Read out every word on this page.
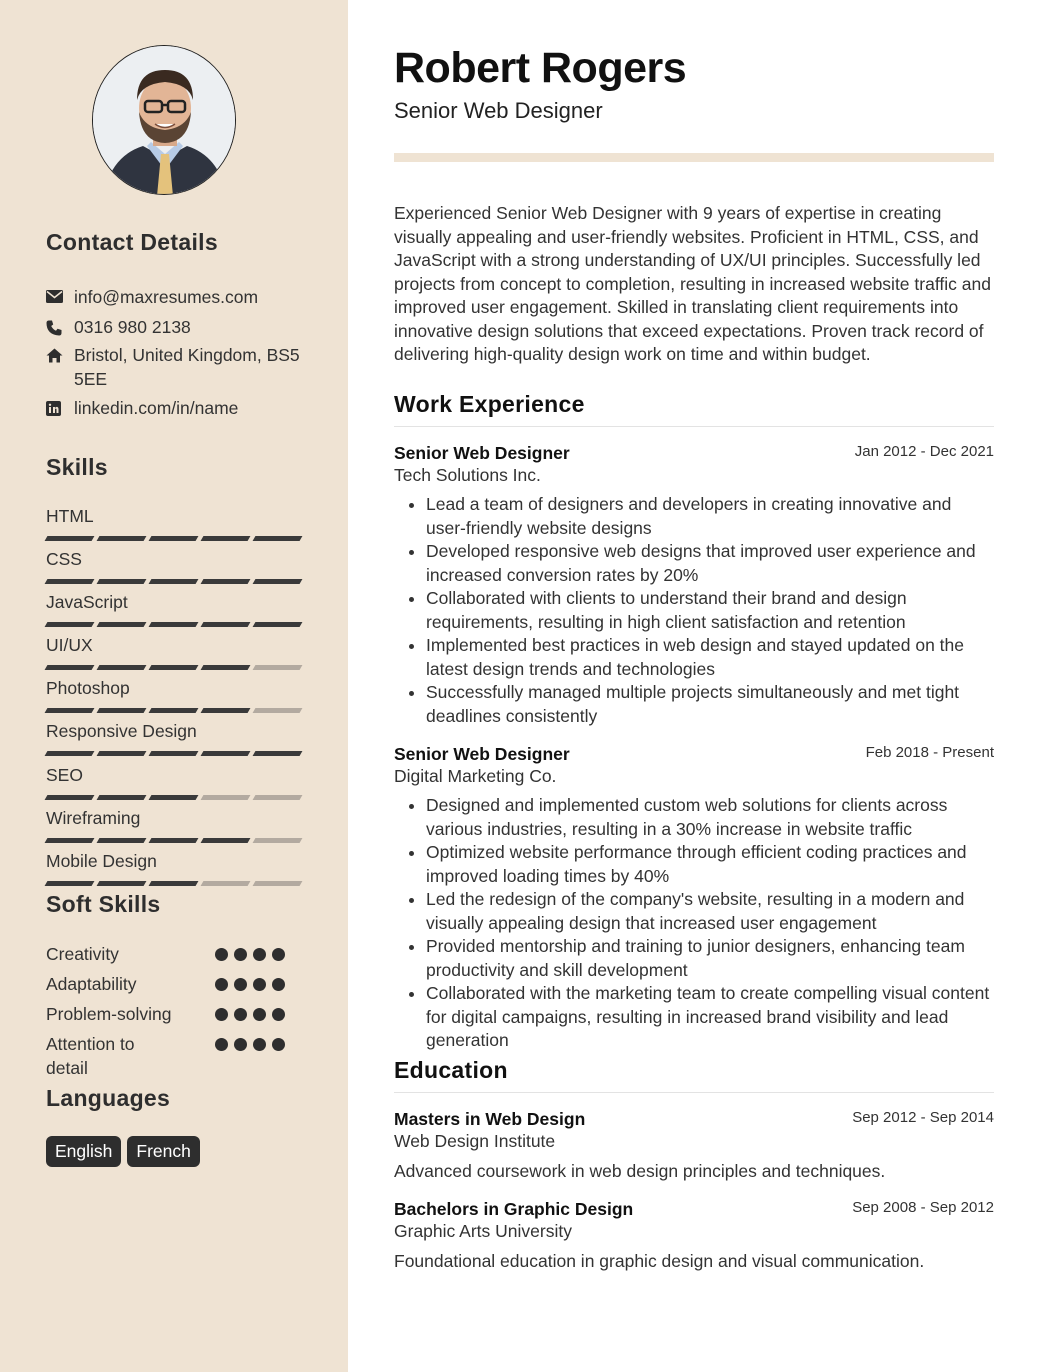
Contact Details
info@maxresumes.com
0316 980 2138
Bristol, United Kingdom, BS5 5EE
linkedin.com/in/name
Skills
HTML
CSS
JavaScript
UI/UX
Photoshop
Responsive Design
SEO
Wireframing
Mobile Design
Soft Skills
Creativity
Adaptability
Problem-solving
Attention to detail
Languages
English	French
Robert Rogers
Senior Web Designer

Experienced Senior Web Designer with 9 years of expertise in creating visually appealing and user-friendly websites. Proficient in HTML, CSS, and JavaScript with a strong understanding of UX/UI principles. Successfully led projects from concept to completion, resulting in increased website traffic and improved user engagement. Skilled in translating client requirements into innovative design solutions that exceed expectations. Proven track record of delivering high-quality design work on time and within budget.

Work Experience
Senior Web Designer	Jan 2012 - Dec 2021
Tech Solutions Inc.
• Lead a team of designers and developers in creating innovative and user-friendly website designs
• Developed responsive web designs that improved user experience and increased conversion rates by 20%
• Collaborated with clients to understand their brand and design requirements, resulting in high client satisfaction and retention
• Implemented best practices in web design and stayed updated on the latest design trends and technologies
• Successfully managed multiple projects simultaneously and met tight deadlines consistently
Senior Web Designer	Feb 2018 - Present
Digital Marketing Co.
• Designed and implemented custom web solutions for clients across various industries, resulting in a 30% increase in website traffic
• Optimized website performance through efficient coding practices and improved loading times by 40%
• Led the redesign of the company's website, resulting in a modern and visually appealing design that increased user engagement
• Provided mentorship and training to junior designers, enhancing team productivity and skill development
• Collaborated with the marketing team to create compelling visual content for digital campaigns, resulting in increased brand visibility and lead generation
Education
Masters in Web Design	Sep 2012 - Sep 2014
Web Design Institute
Advanced coursework in web design principles and techniques.
Bachelors in Graphic Design	Sep 2008 - Sep 2012
Graphic Arts University
Foundational education in graphic design and visual communication.
